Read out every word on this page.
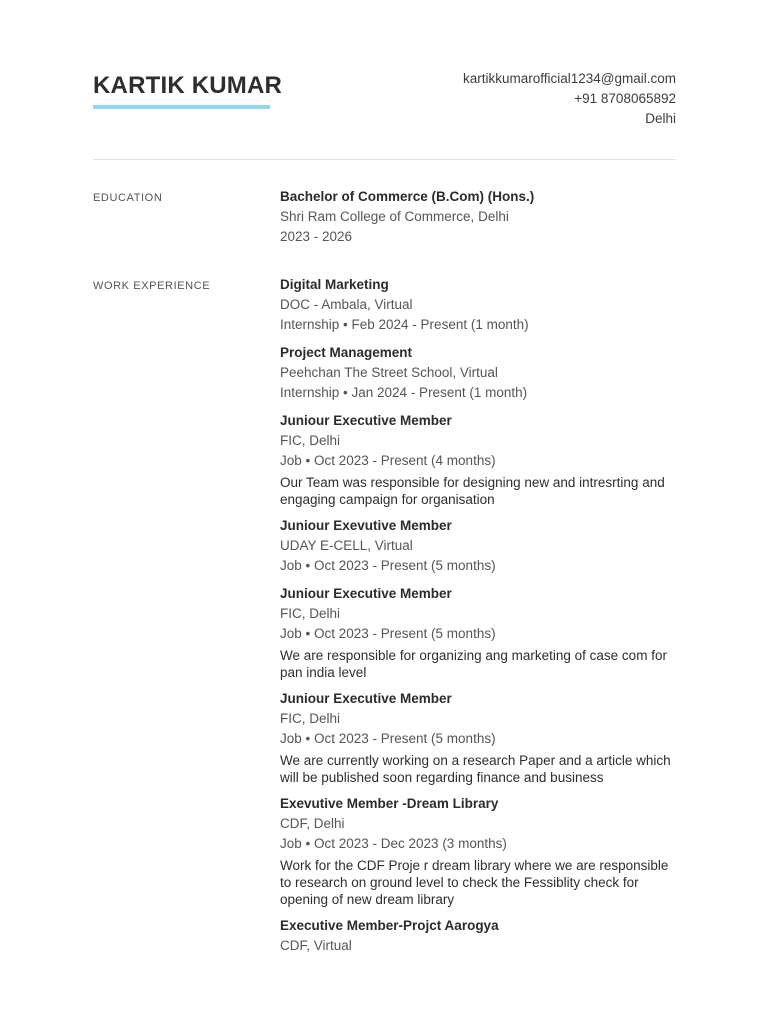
KARTIK KUMAR	kartikkumarofficial1234@gmail.com
+91 8708065892
Delhi
EDUCATION	Bachelor of Commerce (B.Com) (Hons.)
Shri Ram College of Commerce, Delhi
2023 - 2026
WORK EXPERIENCE	Digital Marketing
DOC - Ambala, Virtual
Internship • Feb 2024 - Present (1 month)
Project Management
Peehchan The Street School, Virtual
Internship • Jan 2024 - Present (1 month)
Juniour Executive Member
FIC, Delhi
Job • Oct 2023 - Present (4 months)
Our Team was responsible for designing new and intresrting and engaging campaign for organisation
Juniour Exevutive Member
UDAY E-CELL, Virtual
Job • Oct 2023 - Present (5 months)
Juniour Executive Member
FIC, Delhi
Job • Oct 2023 - Present (5 months)
We are responsible for organizing ang marketing of case com for pan india level
Juniour Executive Member
FIC, Delhi
Job • Oct 2023 - Present (5 months)
We are currently working on a research Paper and a article which will be published soon regarding finance and business
Exevutive Member -Dream Library
CDF, Delhi
Job • Oct 2023 - Dec 2023 (3 months)
Work for the CDF Proje r dream library where we are responsible to research on ground level to check the Fessiblity check for opening of new dream library
Executive Member-Projct Aarogya
CDF, Virtual
